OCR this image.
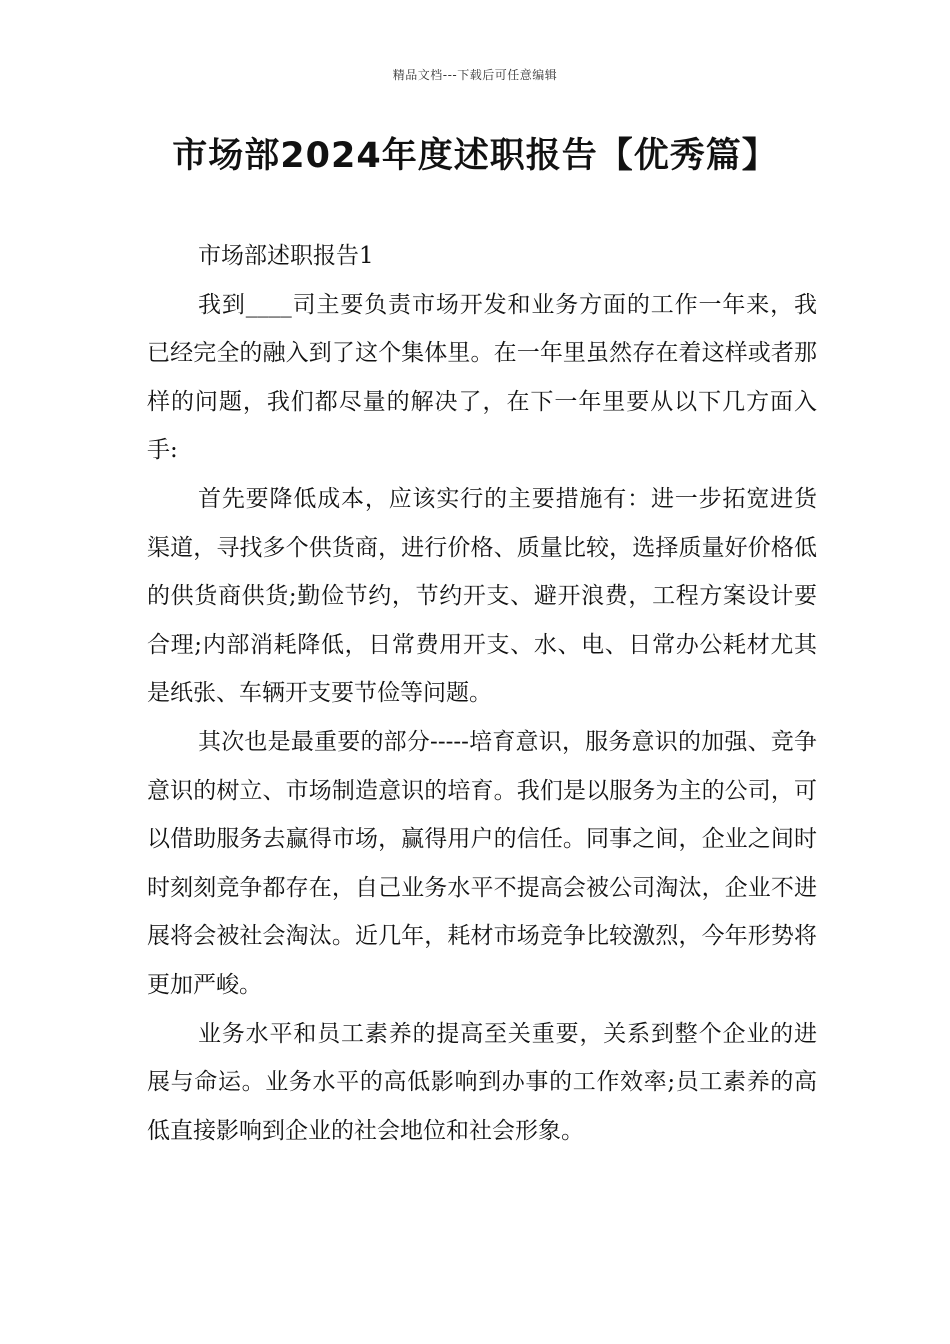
精品文档---下载后可任意编辑
市场部2024年度述职报告【优秀篇】

市场部述职报告1

我到____司主要负责市场开发和业务方面的工作一年来，我已经完全的融入到了这个集体里。在一年里虽然存在着这样或者那样的问题，我们都尽量的解决了，在下一年里要从以下几方面入手:

首先要降低成本，应该实行的主要措施有：进一步拓宽进货渠道，寻找多个供货商，进行价格、质量比较，选择质量好价格低的供货商供货;勤俭节约，节约开支、避开浪费，工程方案设计要合理;内部消耗降低，日常费用开支、水、电、日常办公耗材尤其是纸张、车辆开支要节俭等问题。

其次也是最重要的部分-----培育意识，服务意识的加强、竞争意识的树立、市场制造意识的培育。我们是以服务为主的公司，可以借助服务去赢得市场，赢得用户的信任。同事之间，企业之间时时刻刻竞争都存在，自己业务水平不提高会被公司淘汰，企业不进展将会被社会淘汰。近几年，耗材市场竞争比较激烈，今年形势将更加严峻。

业务水平和员工素养的提高至关重要，关系到整个企业的进展与命运。业务水平的高低影响到办事的工作效率;员工素养的高低直接影响到企业的社会地位和社会形象。
